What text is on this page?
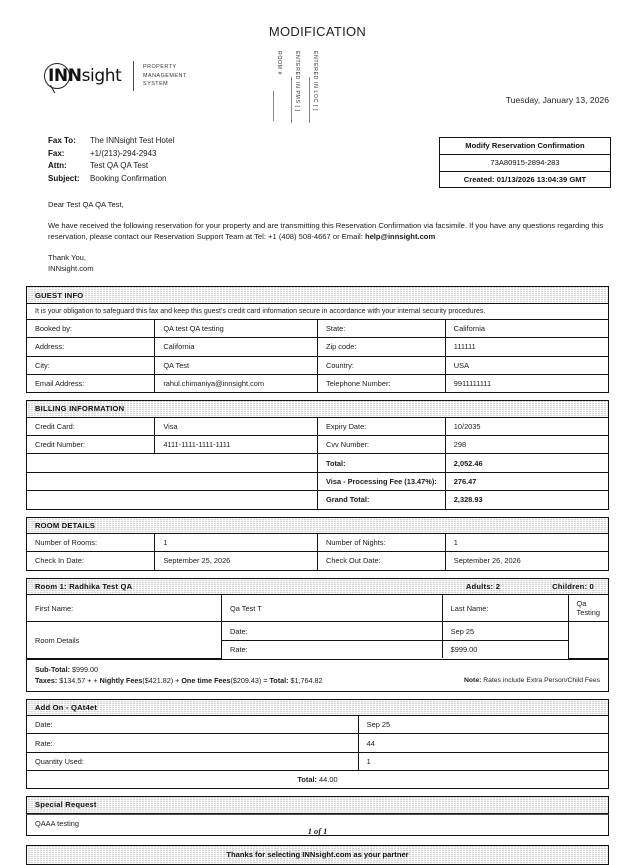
MODIFICATION
INNsight	PROPERTY
MANAGEMENT
SYSTEM
ROOM # ENTERED IN PMS [ ] ENTERED IN LOC [ ]	Tuesday, January 13, 2026
Fax To:	The INNsight Test Hotel
Fax:	+1/(213)-294-2943
Attn:	Test QA QA Test
Subject:	Booking Confirmation
Modify Reservation Confirmation
73A80915-2894-283
Created: 01/13/2026 13:04:39 GMT

Dear Test QA QA Test,

We have received the following reservation for your property and are transmitting this Reservation Confirmation via facsimile. If you have any questions regarding this reservation, please contact our Reservation Support Team at Tel: +1 (408) 508-4667 or Email: help@innsight.com

Thank You,

INNsight.com

GUEST INFO
It is your obligation to safeguard this fax and keep this guest's credit card information secure in accordance with your internal security procedures.
Booked by:	QA test QA testing	State:	California
Address:	California	Zip code:	111111
City:	QA Test	Country:	USA
Email Address:	rahul.chimaniya@innsight.com	Telephone Number:	9911111111
BILLING INFORMATION
Credit Card:	Visa	Expiry Date:	10/2035
Credit Number:	4111-1111-1111-1111	Cvv Number:	298
		Total:	2,052.46
		Visa - Processing Fee (13.47%):	276.47
		Grand Total:	2,328.93
ROOM DETAILS
Number of Rooms:	1	Number of Nights:	1
Check In Date:	September 25, 2026	Check Out Date:	September 26, 2026
Room 1: Radhika Test QA	Adults: 2	Children: 0
First Name:	Qa Test T	Last Name:	Qa Testing
Room Details	Date:	Sep 25	
	Rate:	$999.00	
Sub-Total: $999.00
Taxes: $134.57 + + Nightly Fees($421.82) + One time Fees($209.43) = Total: $1,764.82	Note: Rates include Extra Person/Child Fees
Add On - QAt4et
Date:	Sep 25
Rate:	44
Quantity Used:	1
Total: 44.00
Special Request
QAAA testing
Thanks for selecting INNsight.com as your partner
1 of 1
